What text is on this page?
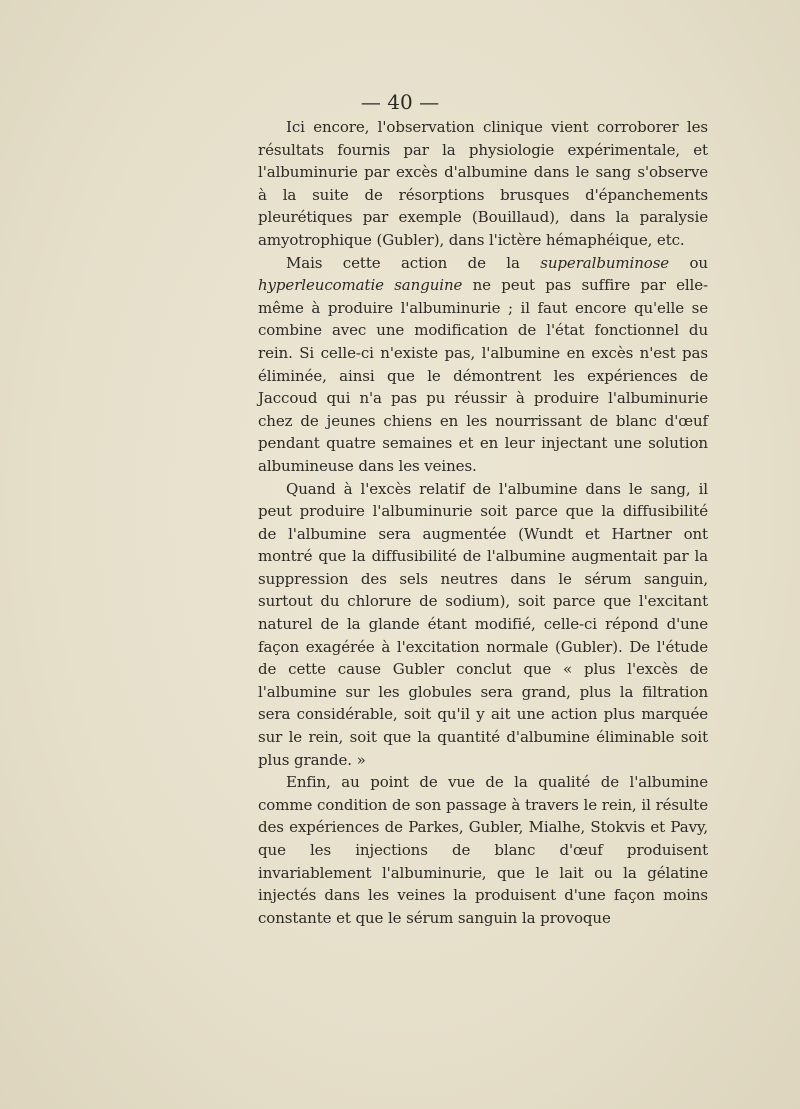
— 40 —

Ici encore, l'observation clinique vient corroborer les résultats fournis par la physiologie expérimentale, et l'albuminurie par excès d'albumine dans le sang s'observe à la suite de résorptions brusques d'épanchements pleurétiques par exemple (Bouillaud), dans la paralysie amyotrophique (Gubler), dans l'ictère hémaphéique, etc.

Mais cette action de la superalbuminose ou hyperleucomatie sanguine ne peut pas suffire par elle-même à produire l'albuminurie ; il faut encore qu'elle se combine avec une modification de l'état fonctionnel du rein. Si celle-ci n'existe pas, l'albumine en excès n'est pas éliminée, ainsi que le démontrent les expériences de Jaccoud qui n'a pas pu réussir à produire l'albuminurie chez de jeunes chiens en les nourrissant de blanc d'œuf pendant quatre semaines et en leur injectant une solution albumineuse dans les veines.

Quand à l'excès relatif de l'albumine dans le sang, il peut produire l'albuminurie soit parce que la diffusibilité de l'albumine sera augmentée (Wundt et Hartner ont montré que la diffusibilité de l'albumine augmentait par la suppression des sels neutres dans le sérum sanguin, surtout du chlorure de sodium), soit parce que l'excitant naturel de la glande étant modifié, celle-ci répond d'une façon exagérée à l'excitation normale (Gubler). De l'étude de cette cause Gubler conclut que « plus l'excès de l'albumine sur les globules sera grand, plus la filtration sera considérable, soit qu'il y ait une action plus marquée sur le rein, soit que la quantité d'albumine éliminable soit plus grande. »

Enfin, au point de vue de la qualité de l'albumine comme condition de son passage à travers le rein, il résulte des expériences de Parkes, Gubler, Mialhe, Stokvis et Pavy, que les injections de blanc d'œuf produisent invariablement l'albuminurie, que le lait ou la gélatine injectés dans les veines la produisent d'une façon moins constante et que le sérum sanguin la provoque
